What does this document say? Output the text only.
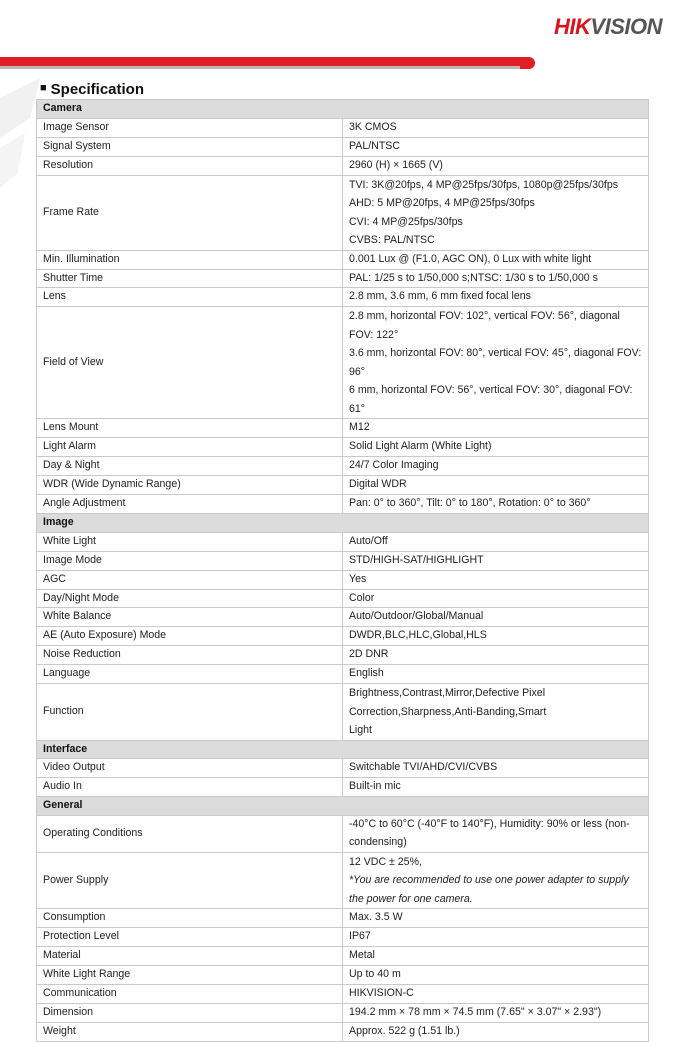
HIKVISION
■ Specification
Camera	
Image Sensor	3K CMOS
Signal System	PAL/NTSC
Resolution	2960 (H) × 1665 (V)
Frame Rate	TVI: 3K@20fps, 4 MP@25fps/30fps, 1080p@25fps/30fps
AHD: 5 MP@20fps, 4 MP@25fps/30fps
CVI: 4 MP@25fps/30fps
CVBS: PAL/NTSC

Min. Illumination	0.001 Lux @ (F1.0, AGC ON), 0 Lux with white light
Shutter Time	PAL: 1/25 s to 1/50,000 s;NTSC: 1/30 s to 1/50,000 s
Lens	2.8 mm, 3.6 mm, 6 mm fixed focal lens
Field of View	2.8 mm, horizontal FOV: 102°, vertical FOV: 56°, diagonal FOV: 122°
3.6 mm, horizontal FOV: 80°, vertical FOV: 45°, diagonal FOV: 96°
6 mm, horizontal FOV: 56°, vertical FOV: 30°, diagonal FOV: 61°

Lens Mount	M12
Light Alarm	Solid Light Alarm (White Light)
Day & Night	24/7 Color Imaging
WDR (Wide Dynamic Range)	Digital WDR
Angle Adjustment	Pan: 0° to 360°, Tilt: 0° to 180°, Rotation: 0° to 360°
Image	
White Light	Auto/Off
Image Mode	STD/HIGH-SAT/HIGHLIGHT
AGC	Yes
Day/Night Mode	Color
White Balance	Auto/Outdoor/Global/Manual
AE (Auto Exposure) Mode	DWDR,BLC,HLC,Global,HLS
Noise Reduction	2D DNR
Language	English
Function	Brightness,Contrast,Mirror,Defective Pixel Correction,Sharpness,Anti-Banding,Smart
Light

Interface	
Video Output	Switchable TVI/AHD/CVI/CVBS
Audio In	Built-in mic
General	
Operating Conditions	-40°C to 60°C (-40°F to 140°F), Humidity: 90% or less (non-condensing)
Power Supply	12 VDC ± 25%,
*You are recommended to use one power adapter to supply the power for one camera.

Consumption	Max. 3.5 W
Protection Level	IP67
Material	Metal
White Light Range	Up to 40 m
Communication	HIKVISION-C
Dimension	194.2 mm × 78 mm × 74.5 mm (7.65" × 3.07" × 2.93")
Weight	Approx. 522 g (1.51 lb.)
